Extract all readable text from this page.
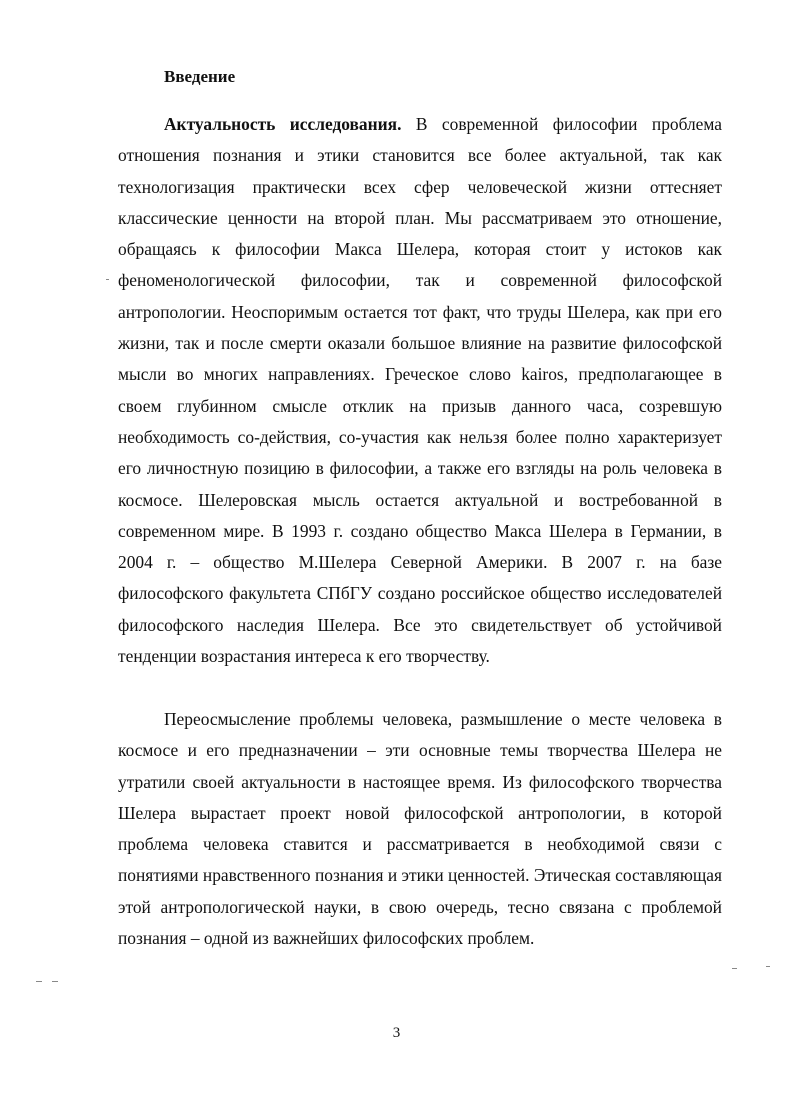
Введение

Актуальность исследования. В современной философии проблема отношения познания и этики становится все более актуальной, так как технологизация практически всех сфер человеческой жизни оттесняет классические ценности на второй план. Мы рассматриваем это отношение, обращаясь к философии Макса Шелера, которая стоит у истоков как феноменологической философии, так и современной философской антропологии. Неоспоримым остается тот факт, что труды Шелера, как при его жизни, так и после смерти оказали большое влияние на развитие философской мысли во многих направлениях. Греческое слово kairos, предполагающее в своем глубинном смысле отклик на призыв данного часа, созревшую необходимость со-действия, со-участия как нельзя более полно характеризует его личностную позицию в философии, а также его взгляды на роль человека в космосе. Шелеровская мысль остается актуальной и востребованной в современном мире. В 1993 г. создано общество Макса Шелера в Германии, в 2004 г. – общество М.Шелера Северной Америки. В 2007 г. на базе философского факультета СПбГУ создано российское общество исследователей философского наследия Шелера. Все это свидетельствует об устойчивой тенденции возрастания интереса к его творчеству.

Переосмысление проблемы человека, размышление о месте человека в космосе и его предназначении – эти основные темы творчества Шелера не утратили своей актуальности в настоящее время. Из философского творчества Шелера вырастает проект новой философской антропологии, в которой проблема человека ставится и рассматривается в необходимой связи с понятиями нравственного познания и этики ценностей. Этическая составляющая этой антропологической науки, в свою очередь, тесно связана с проблемой познания – одной из важнейших философских проблем.

3
